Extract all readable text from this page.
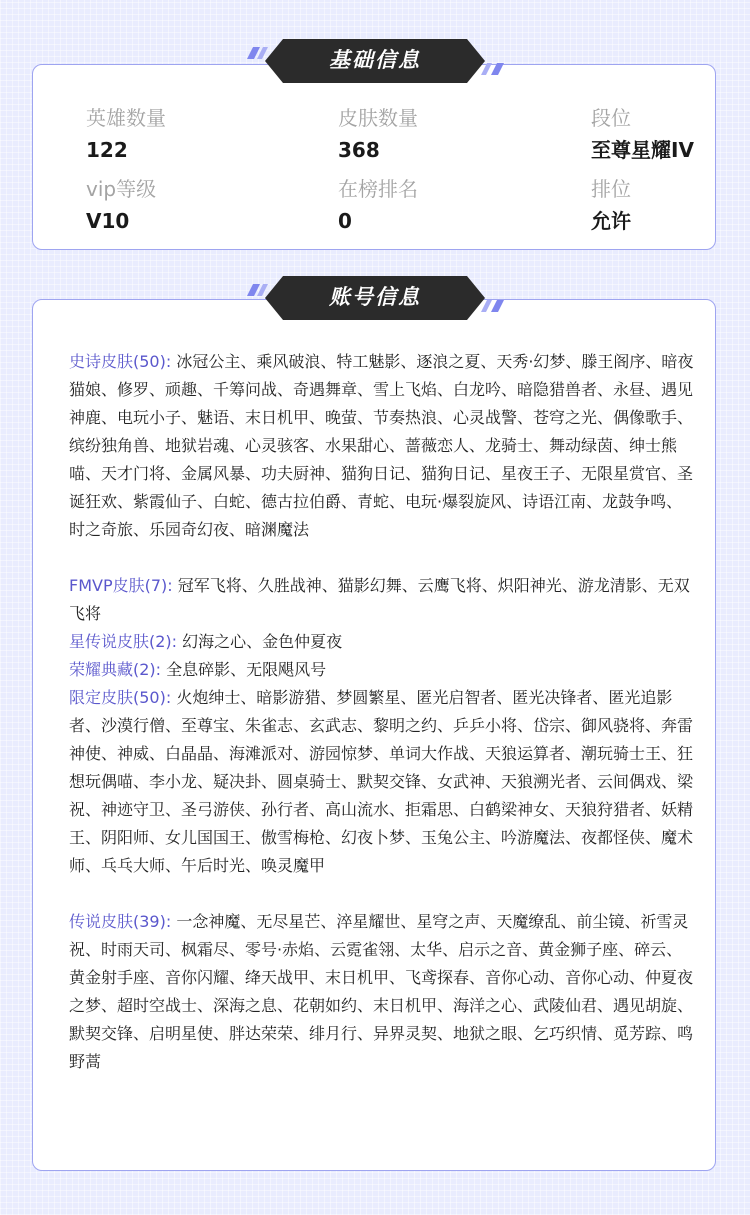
英雄数量
122
皮肤数量
368
段位
至尊星耀IV
vip等级
V10
在榜排名
0
排位
允许
基础信息
史诗皮肤(50): 冰冠公主、乘风破浪、特工魅影、逐浪之夏、天秀·幻梦、滕王阁序、暗夜猫娘、修罗、顽趣、千筹问战、奇遇舞章、雪上飞焰、白龙吟、暗隐猎兽者、永昼、遇见神鹿、电玩小子、魅语、末日机甲、晚萤、节奏热浪、心灵战警、苍穹之光、偶像歌手、缤纷独角兽、地狱岩魂、心灵骇客、水果甜心、蔷薇恋人、龙骑士、舞动绿茵、绅士熊喵、天才门将、金属风暴、功夫厨神、猫狗日记、猫狗日记、星夜王子、无限星赏官、圣诞狂欢、紫霞仙子、白蛇、德古拉伯爵、青蛇、电玩·爆裂旋风、诗语江南、龙鼓争鸣、时之奇旅、乐园奇幻夜、暗渊魔法
FMVP皮肤(7): 冠军飞将、久胜战神、猫影幻舞、云鹰飞将、炽阳神光、游龙清影、无双飞将
星传说皮肤(2): 幻海之心、金色仲夏夜
荣耀典藏(2): 全息碎影、无限飓风号
限定皮肤(50): 火炮绅士、暗影游猎、梦圆繁星、匿光启智者、匿光决锋者、匿光追影者、沙漠行僧、至尊宝、朱雀志、玄武志、黎明之约、乒乒小将、岱宗、御风骁将、奔雷神使、神威、白晶晶、海滩派对、游园惊梦、单词大作战、天狼运算者、潮玩骑士王、狂想玩偶喵、李小龙、疑决卦、圆桌骑士、默契交锋、女武神、天狼溯光者、云间偶戏、梁祝、神迹守卫、圣弓游侠、孙行者、高山流水、拒霜思、白鹤梁神女、天狼狩猎者、妖精王、阴阳师、女儿国国王、傲雪梅枪、幻夜卜梦、玉兔公主、吟游魔法、夜都怪侠、魔术师、乓乓大师、午后时光、唤灵魔甲
传说皮肤(39): 一念神魔、无尽星芒、淬星耀世、星穹之声、天魔缭乱、前尘镜、祈雪灵祝、时雨天司、枫霜尽、零号·赤焰、云霓雀翎、太华、启示之音、黄金狮子座、碎云、黄金射手座、音你闪耀、绛天战甲、末日机甲、飞鸢探春、音你心动、音你心动、仲夏夜之梦、超时空战士、深海之息、花朝如约、末日机甲、海洋之心、武陵仙君、遇见胡旋、默契交锋、启明星使、胖达荣荣、绯月行、异界灵契、地狱之眼、乞巧织情、觅芳踪、鸣野蒿
账号信息
